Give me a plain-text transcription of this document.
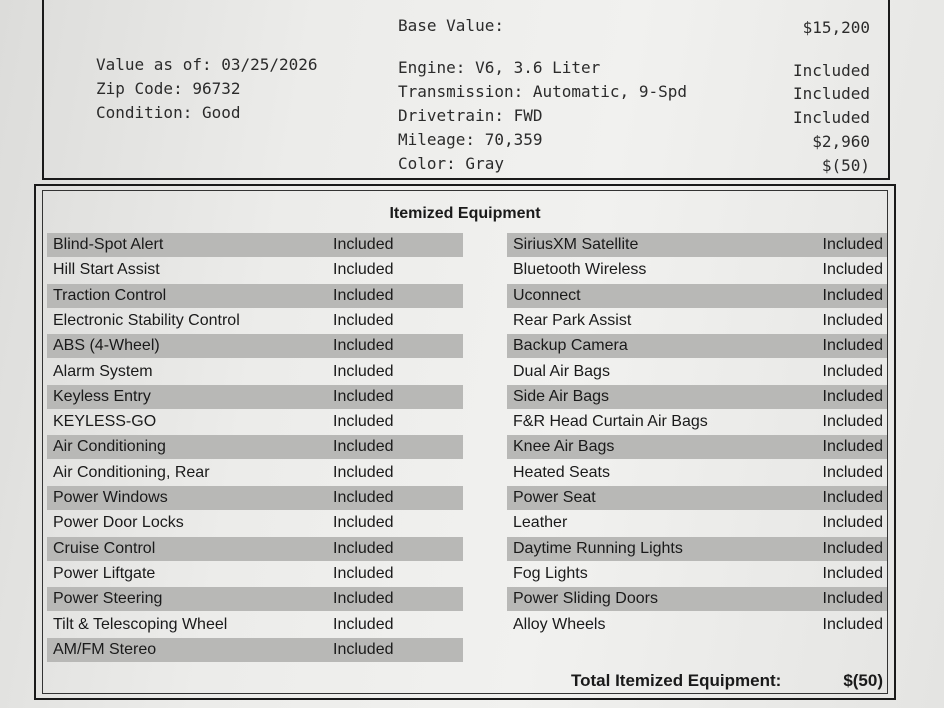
Value as of: 03/25/2026
Zip Code: 96732
Condition: Good
Base Value:	$15,200
Engine: V6, 3.6 Liter	Included
Transmission: Automatic, 9-Spd	Included
Drivetrain: FWD	Included
Mileage: 70,359	$2,960
Color: Gray	$(50)
Itemized Equipment
Blind-Spot Alert	Included
Hill Start Assist	Included
Traction Control	Included
Electronic Stability Control	Included
ABS (4-Wheel)	Included
Alarm System	Included
Keyless Entry	Included
KEYLESS-GO	Included
Air Conditioning	Included
Air Conditioning, Rear	Included
Power Windows	Included
Power Door Locks	Included
Cruise Control	Included
Power Liftgate	Included
Power Steering	Included
Tilt & Telescoping Wheel	Included
AM/FM Stereo	Included
SiriusXM Satellite	Included
Bluetooth Wireless	Included
Uconnect	Included
Rear Park Assist	Included
Backup Camera	Included
Dual Air Bags	Included
Side Air Bags	Included
F&R Head Curtain Air Bags	Included
Knee Air Bags	Included
Heated Seats	Included
Power Seat	Included
Leather	Included
Daytime Running Lights	Included
Fog Lights	Included
Power Sliding Doors	Included
Alloy Wheels	Included
Total Itemized Equipment:	$(50)
